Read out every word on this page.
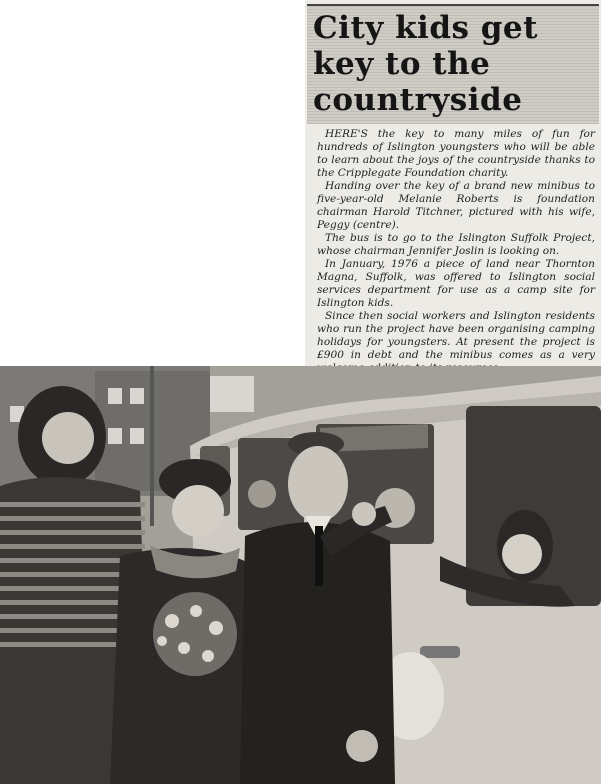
City kids get key to the countryside

HERE'S the key to many miles of fun for hundreds of Islington youngsters who will be able to learn about the joys of the countryside thanks to the Cripplegate Foundation charity.

Handing over the key of a brand new minibus to five-year-old Melanie Roberts is foundation chairman Harold Titchner, pictured with his wife, Peggy (centre).

The bus is to go to the Islington Suffolk Project, whose chairman Jennifer Joslin is looking on.

In January, 1976 a piece of land near Thornton Magna, Suffolk, was offered to Islington social services department for use as a camp site for Islington kids.

Since then social workers and Islington residents who run the project have been organising camping holidays for youngsters. At present the project is £900 in debt and the minibus comes as a very
